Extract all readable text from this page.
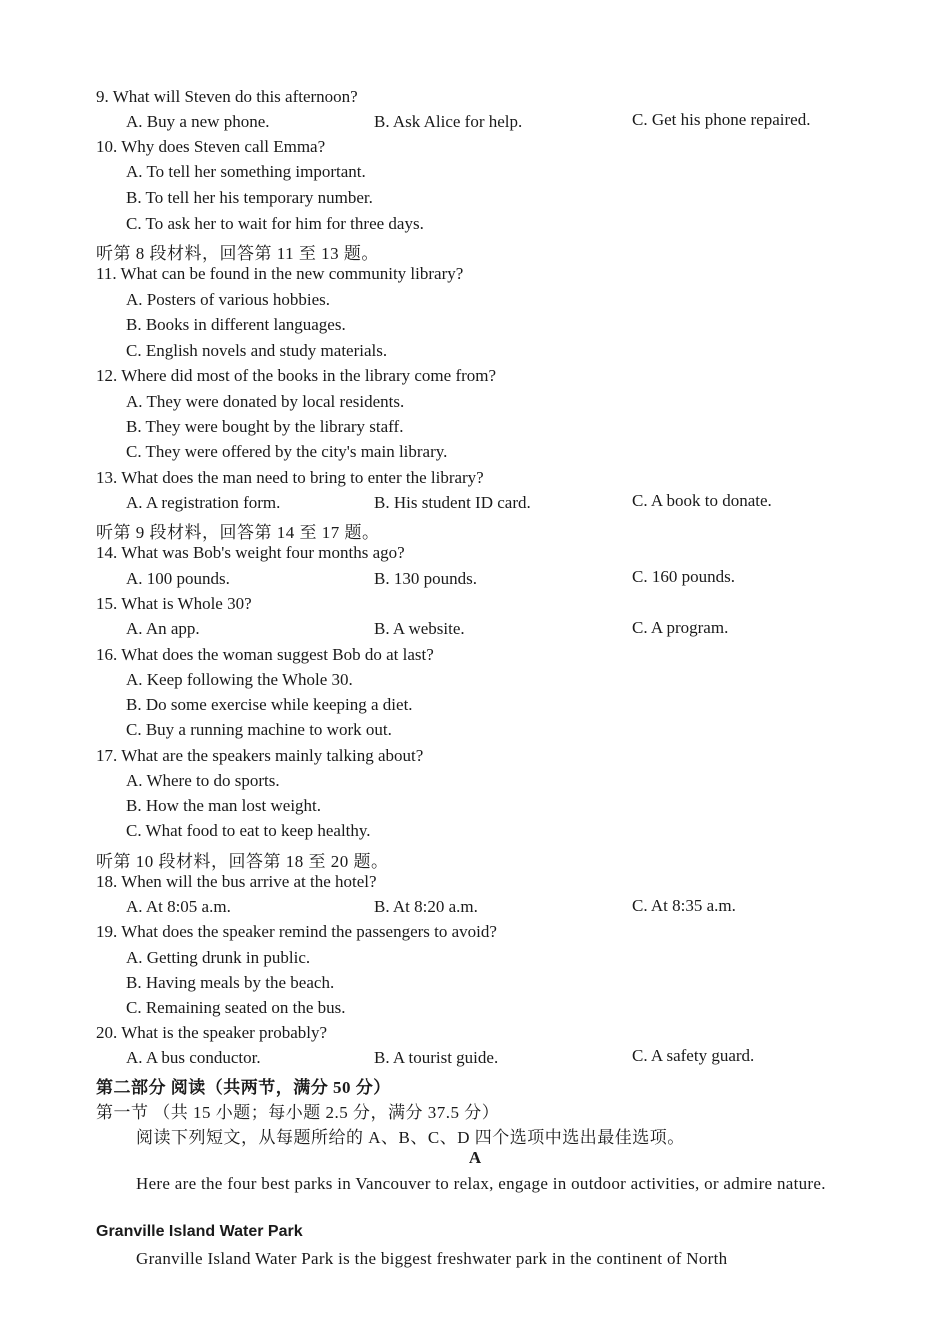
9. What will Steven do this afternoon?
A. Buy a new phone.	B. Ask Alice for help.	C. Get his phone repaired.
10. Why does Steven call Emma?
A. To tell her something important.
B. To tell her his temporary number.
C. To ask her to wait for him for three days.
听第 8 段材料，回答第 11 至 13 题。
11. What can be found in the new community library?
A. Posters of various hobbies.
B. Books in different languages.
C. English novels and study materials.
12. Where did most of the books in the library come from?
A. They were donated by local residents.
B. They were bought by the library staff.
C. They were offered by the city's main library.
13. What does the man need to bring to enter the library?
A. A registration form.	B. His student ID card.	C. A book to donate.
听第 9 段材料，回答第 14 至 17 题。
14. What was Bob's weight four months ago?
A. 100 pounds.	B. 130 pounds.	C. 160 pounds.
15. What is Whole 30?
A. An app.	B. A website.	C. A program.
16. What does the woman suggest Bob do at last?
A. Keep following the Whole 30.
B. Do some exercise while keeping a diet.
C. Buy a running machine to work out.
17. What are the speakers mainly talking about?
A. Where to do sports.
B. How the man lost weight.
C. What food to eat to keep healthy.
听第 10 段材料，回答第 18 至 20 题。
18. When will the bus arrive at the hotel?
A. At 8:05 a.m.	B. At 8:20 a.m.	C. At 8:35 a.m.
19. What does the speaker remind the passengers to avoid?
A. Getting drunk in public.
B. Having meals by the beach.
C. Remaining seated on the bus.
20. What is the speaker probably?
A. A bus conductor.	B. A tourist guide.	C. A safety guard.
第二部分 阅读（共两节，满分 50 分）
第一节 （共 15 小题；每小题 2.5 分，满分 37.5 分）
阅读下列短文，从每题所给的 A、B、C、D 四个选项中选出最佳选项。
A
Here are the four best parks in Vancouver to relax, engage in outdoor activities, or admire nature.
Granville Island Water Park
Granville Island Water Park is the biggest freshwater park in the continent of North
